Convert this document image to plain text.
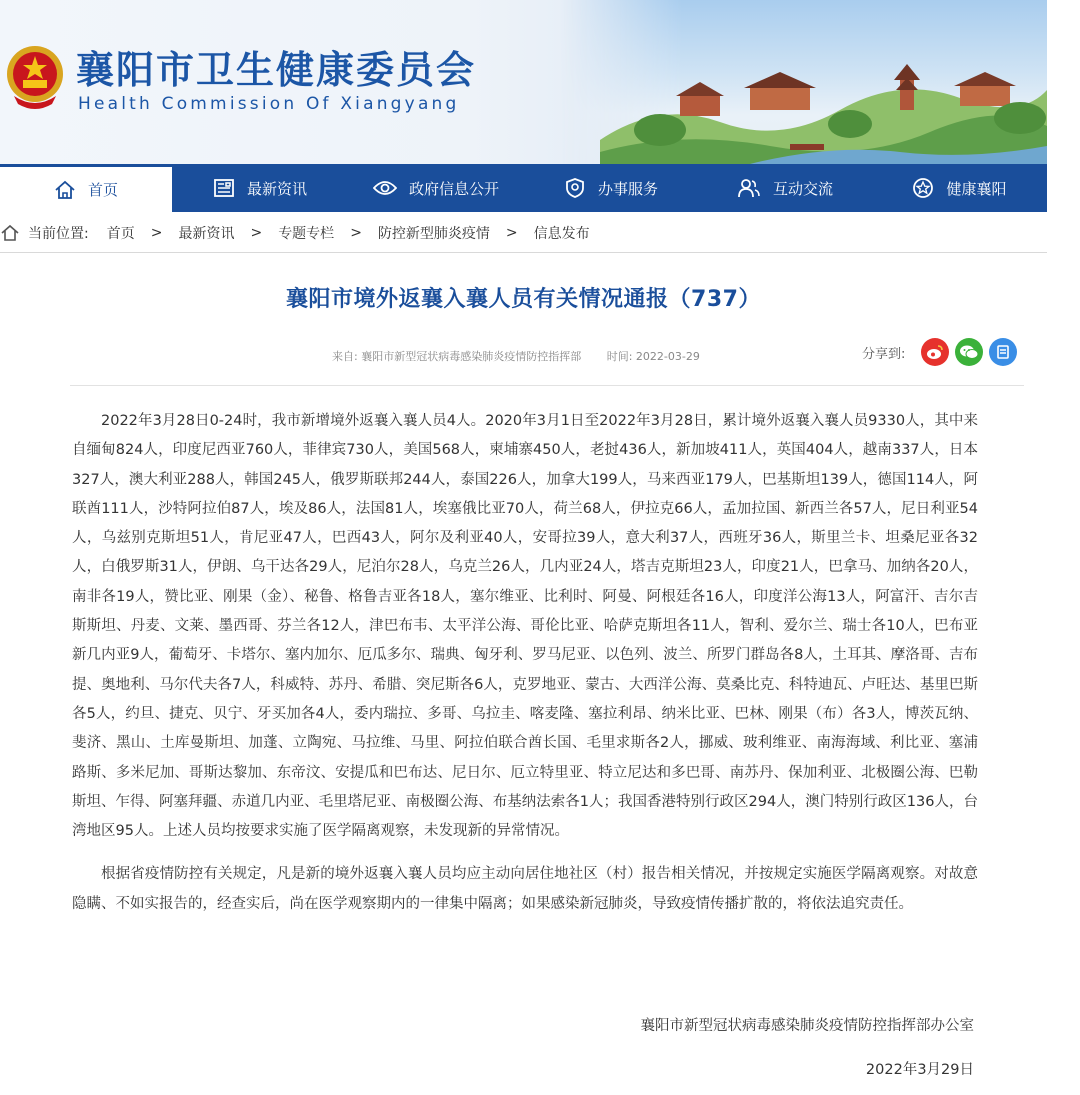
襄阳市卫生健康委员会
Health Commission Of Xiangyang
首页	最新资讯	政府信息公开	办事服务	互动交流	健康襄阳
当前位置: 首页 > 最新资讯 > 专题专栏 > 防控新型肺炎疫情 > 信息发布
襄阳市境外返襄入襄人员有关情况通报（737）
来自: 襄阳市新型冠状病毒感染肺炎疫情防控指挥部 时间: 2022-03-29	分享到:

2022年3月28日0-24时，我市新增境外返襄入襄人员4人。2020年3月1日至2022年3月28日，累计境外返襄入襄人员9330人，其中来自缅甸824人，印度尼西亚760人，菲律宾730人，美国568人，柬埔寨450人，老挝436人，新加坡411人，英国404人，越南337人，日本327人，澳大利亚288人，韩国245人，俄罗斯联邦244人，泰国226人，加拿大199人，马来西亚179人，巴基斯坦139人，德国114人，阿联酋111人，沙特阿拉伯87人，埃及86人，法国81人，埃塞俄比亚70人，荷兰68人，伊拉克66人，孟加拉国、新西兰各57人，尼日利亚54人，乌兹别克斯坦51人，肯尼亚47人，巴西43人，阿尔及利亚40人，安哥拉39人，意大利37人，西班牙36人，斯里兰卡、坦桑尼亚各32人，白俄罗斯31人，伊朗、乌干达各29人，尼泊尔28人，乌克兰26人，几内亚24人，塔吉克斯坦23人，印度21人，巴拿马、加纳各20人，南非各19人，赞比亚、刚果（金）、秘鲁、格鲁吉亚各18人，塞尔维亚、比利时、阿曼、阿根廷各16人，印度洋公海13人，阿富汗、吉尔吉斯斯坦、丹麦、文莱、墨西哥、芬兰各12人，津巴布韦、太平洋公海、哥伦比亚、哈萨克斯坦各11人，智利、爱尔兰、瑞士各10人，巴布亚新几内亚9人，葡萄牙、卡塔尔、塞内加尔、厄瓜多尔、瑞典、匈牙利、罗马尼亚、以色列、波兰、所罗门群岛各8人，土耳其、摩洛哥、吉布提、奥地利、马尔代夫各7人，科威特、苏丹、希腊、突尼斯各6人，克罗地亚、蒙古、大西洋公海、莫桑比克、科特迪瓦、卢旺达、基里巴斯各5人，约旦、捷克、贝宁、牙买加各4人，委内瑞拉、多哥、乌拉圭、喀麦隆、塞拉利昂、纳米比亚、巴林、刚果（布）各3人，博茨瓦纳、斐济、黑山、土库曼斯坦、加蓬、立陶宛、马拉维、马里、阿拉伯联合酋长国、毛里求斯各2人，挪威、玻利维亚、南海海域、利比亚、塞浦路斯、多米尼加、哥斯达黎加、东帝汶、安提瓜和巴布达、尼日尔、厄立特里亚、特立尼达和多巴哥、南苏丹、保加利亚、北极圈公海、巴勒斯坦、乍得、阿塞拜疆、赤道几内亚、毛里塔尼亚、南极圈公海、布基纳法索各1人；我国香港特别行政区294人，澳门特别行政区136人，台湾地区95人。上述人员均按要求实施了医学隔离观察，未发现新的异常情况。

根据省疫情防控有关规定，凡是新的境外返襄入襄人员均应主动向居住地社区（村）报告相关情况，并按规定实施医学隔离观察。对故意隐瞒、不如实报告的，经查实后，尚在医学观察期内的一律集中隔离；如果感染新冠肺炎，导致疫情传播扩散的，将依法追究责任。

襄阳市新型冠状病毒感染肺炎疫情防控指挥部办公室
2022年3月29日
